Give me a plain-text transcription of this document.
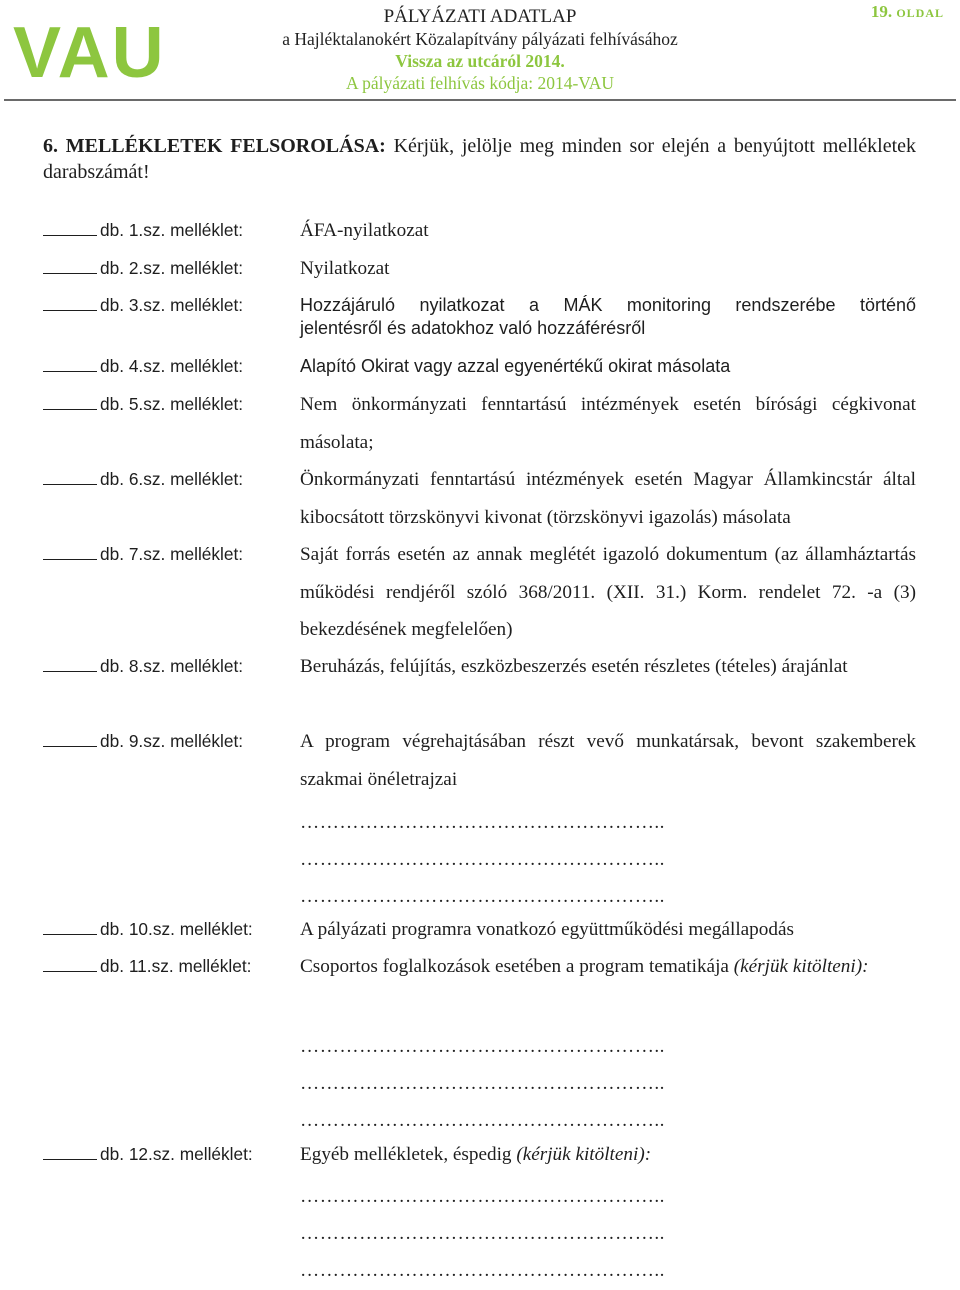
VAU	PÁLYÁZATI ADATLAP
a Hajléktalanokért Közalapítvány pályázati felhívásához
Vissza az utcáról 2014.
A pályázati felhívás kódja: 2014-VAU
19. OLDAL
6. MELLÉKLETEK FELSOROLÁSA: Kérjük, jelölje meg minden sor elején a benyújtott mellékletek darabszámát!
db. 1.sz. melléklet:	ÁFA-nyilatkozat
db. 2.sz. melléklet:	Nyilatkozat
db. 3.sz. melléklet:	Hozzájáruló nyilatkozat a MÁK monitoring rendszerébe történő
jelentésről és adatokhoz való hozzáférésről
db. 4.sz. melléklet:	Alapító Okirat vagy azzal egyenértékű okirat másolata
db. 5.sz. melléklet:	Nem önkormányzati fenntartású intézmények esetén bírósági cégkivonat másolata;
db. 6.sz. melléklet:	Önkormányzati fenntartású intézmények esetén Magyar Államkincstár által kibocsátott törzskönyvi kivonat (törzskönyvi igazolás) másolata
db. 7.sz. melléklet:	Saját forrás esetén az annak meglétét igazoló dokumentum (az államháztartás működési rendjéről szóló 368/2011. (XII. 31.) Korm. rendelet 72. -a (3) bekezdésének megfelelően)
db. 8.sz. melléklet:	Beruházás, felújítás, eszközbeszerzés esetén részletes (tételes) árajánlat
db. 9.sz. melléklet:	A program végrehajtásában részt vevő munkatársak, bevont szakemberek szakmai önéletrajzai
………………………………………………..
………………………………………………..
………………………………………………..
db. 10.sz. melléklet: A pályázati programra vonatkozó együttműködési megállapodás
db. 11.sz. melléklet:	Csoportos foglalkozások esetében a program tematikája (kérjük kitölteni):
………………………………………………..
………………………………………………..
………………………………………………..
db. 12.sz. melléklet: Egyéb mellékletek, éspedig (kérjük kitölteni):
………………………………………………..
………………………………………………..
………………………………………………..
